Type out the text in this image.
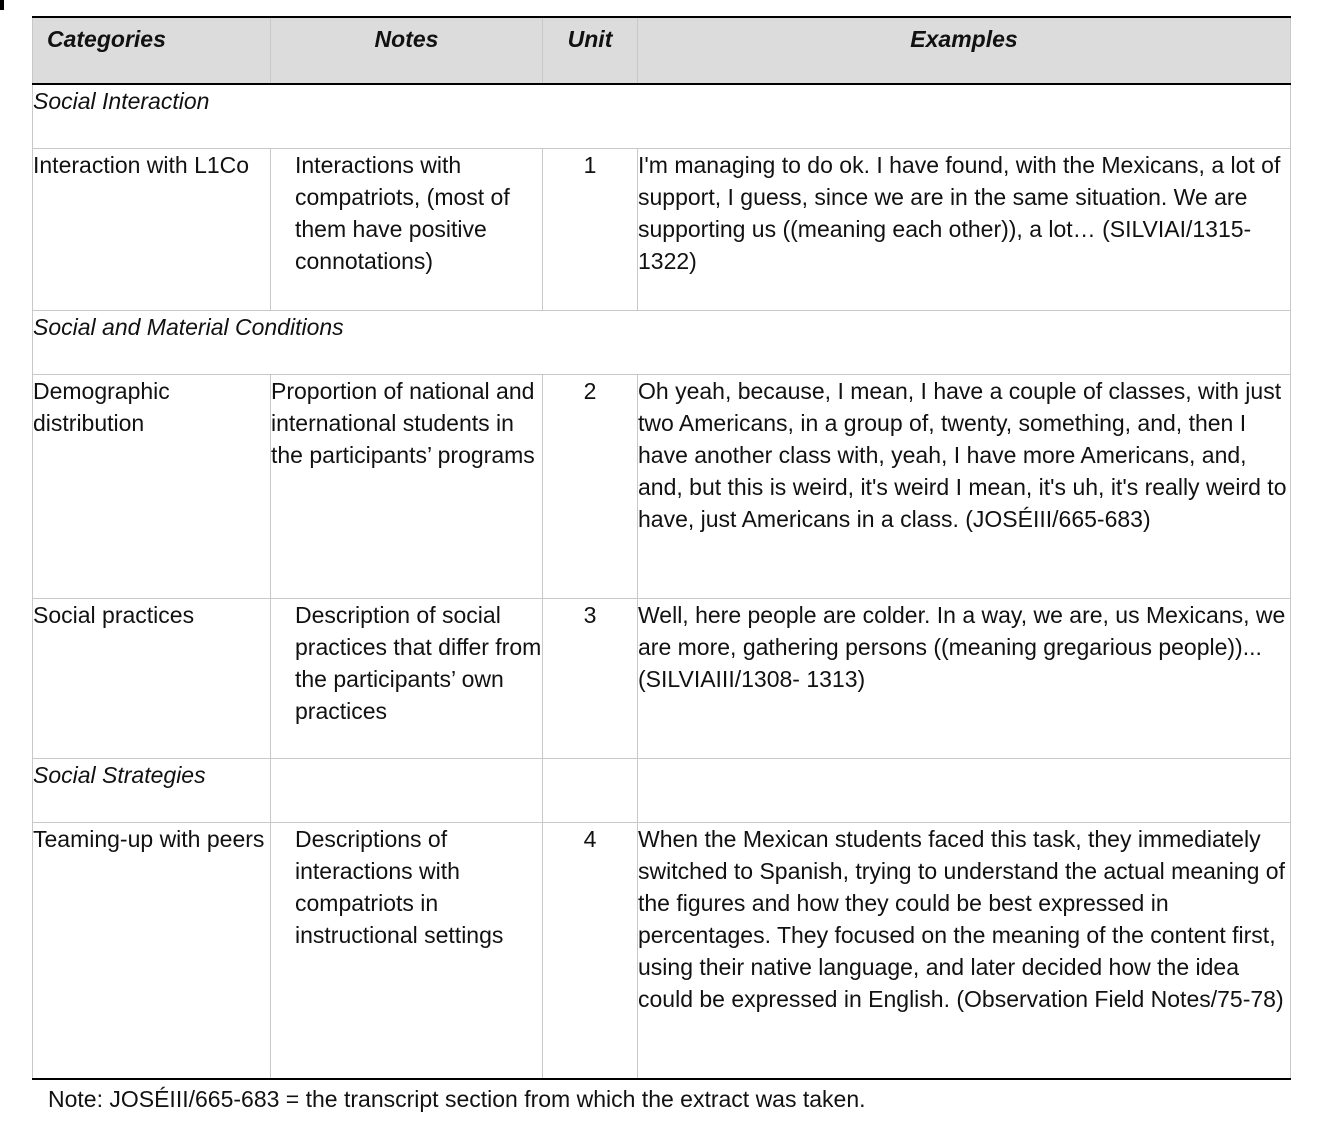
Categories	Notes	Unit	Examples
Social Interaction			
Interaction with L1Co	Interactions with compatriots, (most of them have positive connotations)	1	I'm managing to do ok. I have found, with the Mexicans, a lot of support, I guess, since we are in the same situation. We are supporting us ((meaning each other)), a lot… (SILVIAI/1315-1322)
Social and Material Conditions			
Demographic distribution	Proportion of national and international students in the participants’ programs	2	Oh yeah, because, I mean, I have a couple of classes, with just two Americans, in a group of, twenty, something, and, then I have another class with, yeah, I have more Americans, and, and, but this is weird, it's weird I mean, it's uh, it's really weird to have, just Americans in a class. (JOSÉIII/665-683)
Social practices	Description of social practices that differ from the participants’ own practices	3	Well, here people are colder. In a way, we are, us Mexicans, we are more, gathering persons ((meaning gregarious people))... (SILVIAIII/1308- 1313)
Social Strategies			
Teaming-up with peers	Descriptions of interactions with compatriots in instructional settings	4	When the Mexican students faced this task, they immediately switched to Spanish, trying to understand the actual meaning of the figures and how they could be best expressed in percentages. They focused on the meaning of the content first, using their native language, and later decided how the idea could be expressed in English. (Observation Field Notes/75-78)
Note: JOSÉIII/665-683 = the transcript section from which the extract was taken.
